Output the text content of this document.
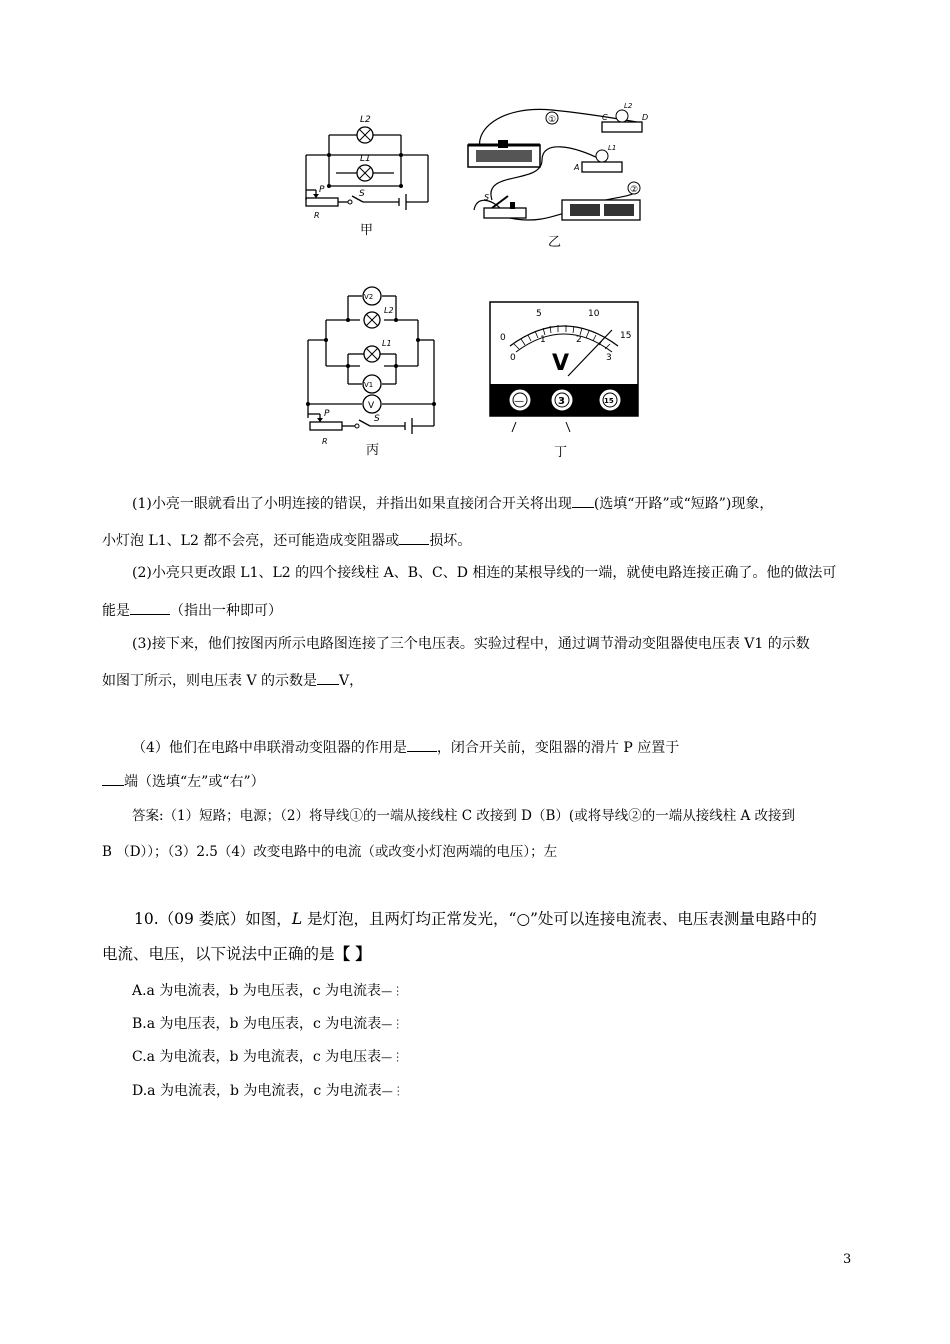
L2
L1
P
R
S
甲
①
②
C	D
A
S
L2
L1
乙
V2
V1
V
L2
L1
P
R
S
丙
0
5	10
15
0
1	2
3
V
—	3	15
丁
(1)小亮一眼就看出了小明连接的错误，并指出如果直接闭合开关将出现 (选填“开路”或“短路”)现象，
小灯泡 L1、L2 都不会亮，还可能造成变阻器或 损坏。
(2)小亮只更改跟 L1、L2 的四个接线柱 A、B、C、D 相连的某根导线的一端，就使电路连接正确了。他的做法可
能是	（指出一种即可）
(3)接下来，他们按图丙所示电路图连接了三个电压表。实验过程中，通过调节滑动变阻器使电压表 V1 的示数
如图丁所示，则电压表 V 的示数是 V，
（4）他们在电路中串联滑动变阻器的作用是 ，闭合开关前，变阻器的滑片 P 应置于
端（选填“左”或“右”）
答案:（1）短路；电源；（2）将导线①的一端从接线柱 C 改接到 D（B）(或将导线②的一端从接线柱 A 改接到
B （D））；（3）2.5（4）改变电路中的电流（或改变小灯泡两端的电压）；左
10.（09 娄底）如图，L 是灯泡，且两灯均正常发光，“○”处可以连接电流表、电压表测量电路中的
电流、电压，以下说法中正确的是【 】
A.a 为电流表，b 为电压表，c 为电流表—︙
B.a 为电压表，b 为电压表，c 为电流表—︙
C.a 为电流表，b 为电流表，c 为电压表—︙
D.a 为电流表，b 为电流表，c 为电流表—︙
3
